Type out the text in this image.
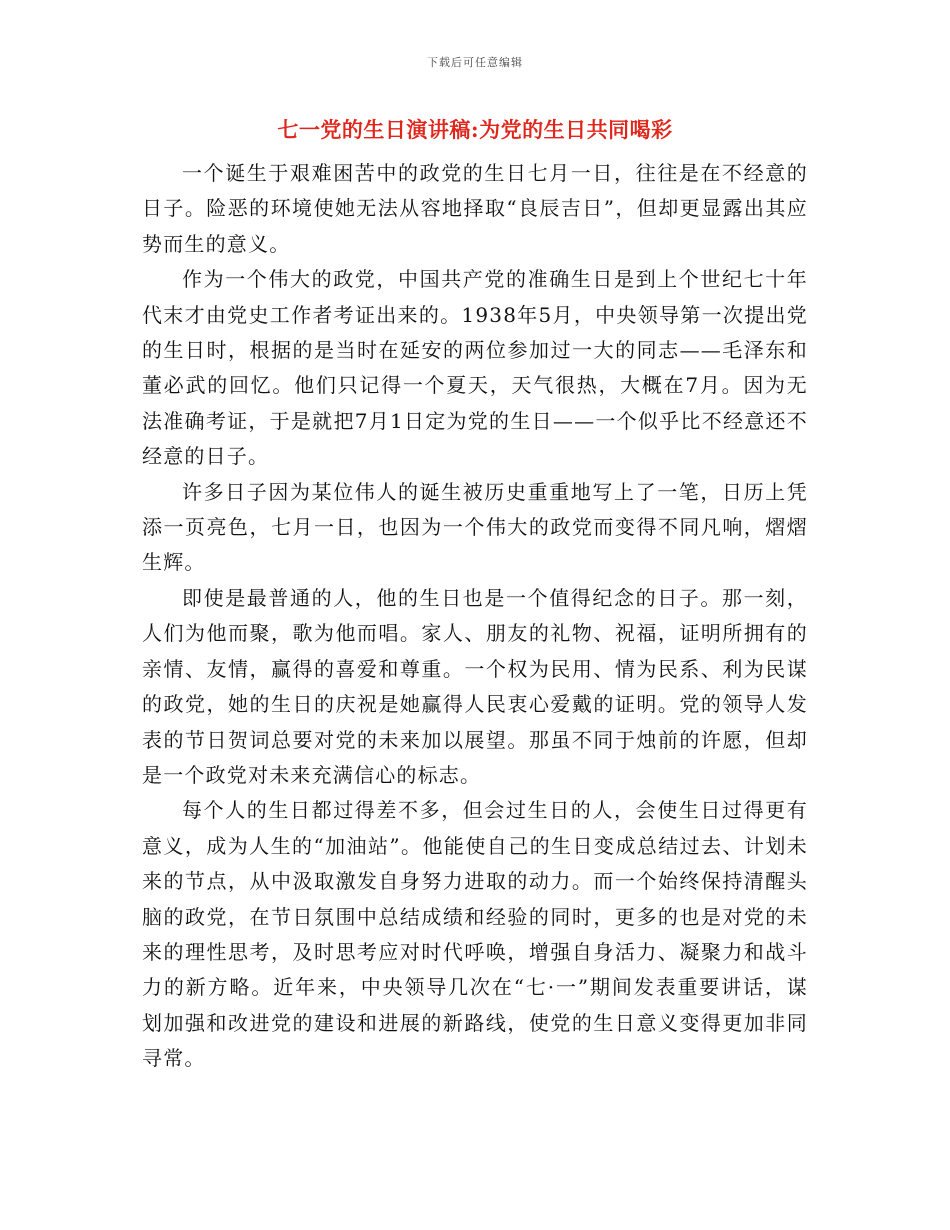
下载后可任意编辑
七一党的生日演讲稿:为党的生日共同喝彩

一个诞生于艰难困苦中的政党的生日七月一日，往往是在不经意的日子。险恶的环境使她无法从容地择取“良辰吉日”，但却更显露出其应势而生的意义。

作为一个伟大的政党，中国共产党的准确生日是到上个世纪七十年代末才由党史工作者考证出来的。1938年5月，中央领导第一次提出党的生日时，根据的是当时在延安的两位参加过一大的同志——毛泽东和董必武的回忆。他们只记得一个夏天，天气很热，大概在7月。因为无法准确考证，于是就把7月1日定为党的生日——一个似乎比不经意还不经意的日子。

许多日子因为某位伟人的诞生被历史重重地写上了一笔，日历上凭添一页亮色，七月一日，也因为一个伟大的政党而变得不同凡响，熠熠生辉。

即使是最普通的人，他的生日也是一个值得纪念的日子。那一刻，人们为他而聚，歌为他而唱。家人、朋友的礼物、祝福，证明所拥有的亲情、友情，赢得的喜爱和尊重。一个权为民用、情为民系、利为民谋的政党，她的生日的庆祝是她赢得人民衷心爱戴的证明。党的领导人发表的节日贺词总要对党的未来加以展望。那虽不同于烛前的许愿，但却是一个政党对未来充满信心的标志。

每个人的生日都过得差不多，但会过生日的人，会使生日过得更有意义，成为人生的“加油站”。他能使自己的生日变成总结过去、计划未来的节点，从中汲取激发自身努力进取的动力。而一个始终保持清醒头脑的政党，在节日氛围中总结成绩和经验的同时，更多的也是对党的未来的理性思考，及时思考应对时代呼唤，增强自身活力、凝聚力和战斗力的新方略。近年来，中央领导几次在“七·一”期间发表重要讲话，谋划加强和改进党的建设和进展的新路线，使党的生日意义变得更加非同寻常。
